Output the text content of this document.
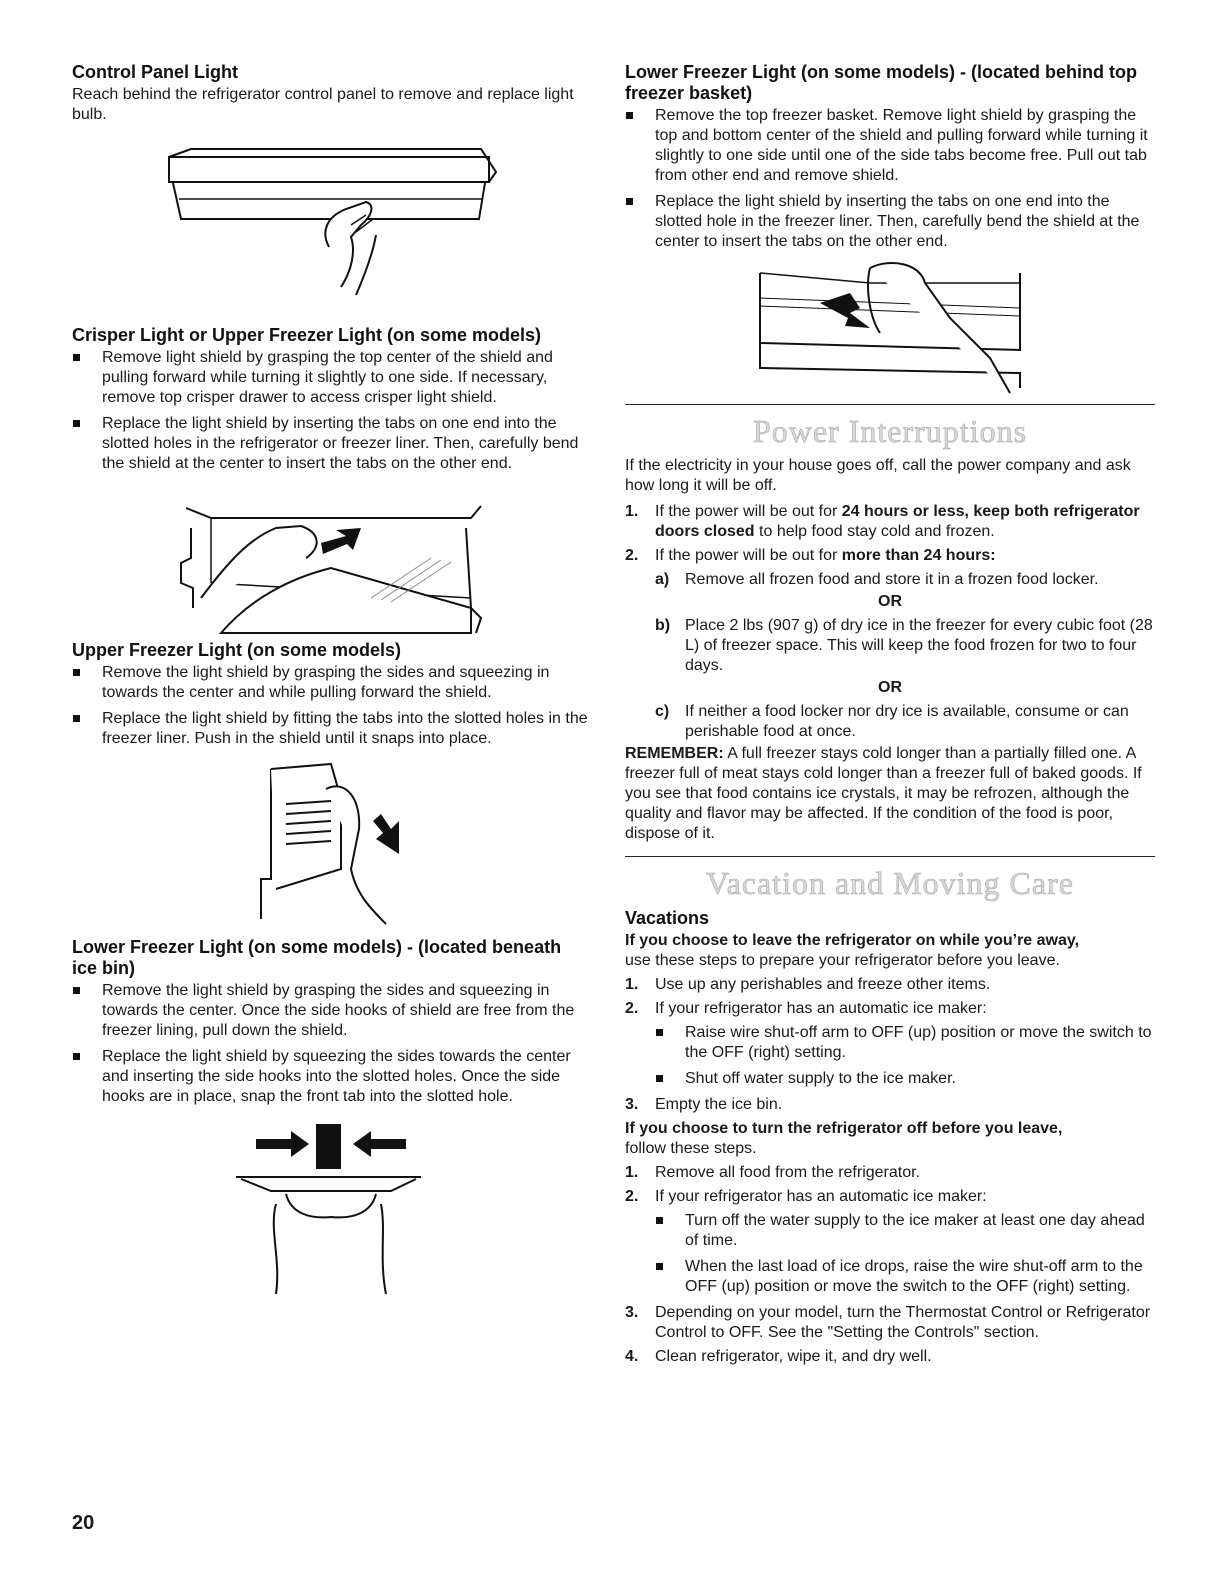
Control Panel Light

Reach behind the refrigerator control panel to remove and replace light bulb.

Crisper Light or Upper Freezer Light (on some models)
Remove light shield by grasping the top center of the shield and pulling forward while turning it slightly to one side. If necessary, remove top crisper drawer to access crisper light shield.
Replace the light shield by inserting the tabs on one end into the slotted holes in the refrigerator or freezer liner. Then, carefully bend the shield at the center to insert the tabs on the other end.
Upper Freezer Light (on some models)
Remove the light shield by grasping the sides and squeezing in towards the center and while pulling forward the shield.
Replace the light shield by fitting the tabs into the slotted holes in the freezer liner. Push in the shield until it snaps into place.
Lower Freezer Light (on some models) - (located beneath ice bin)
Remove the light shield by grasping the sides and squeezing in towards the center. Once the side hooks of shield are free from the freezer lining, pull down the shield.
Replace the light shield by squeezing the sides towards the center and inserting the side hooks into the slotted holes. Once the side hooks are in place, snap the front tab into the slotted hole.
Lower Freezer Light (on some models) - (located behind top freezer basket)
Remove the top freezer basket. Remove light shield by grasping the top and bottom center of the shield and pulling forward while turning it slightly to one side until one of the side tabs become free. Pull out tab from other end and remove shield.
Replace the light shield by inserting the tabs on one end into the slotted hole in the freezer liner. Then, carefully bend the shield at the center to insert the tabs on the other end.
Power Interruptions

If the electricity in your house goes off, call the power company and ask how long it will be off.

1. If the power will be out for 24 hours or less, keep both refrigerator doors closed to help food stay cold and frozen.
2. If the power will be out for more than 24 hours:
a) Remove all frozen food and store it in a frozen food locker.
OR
b) Place 2 lbs (907 g) of dry ice in the freezer for every cubic foot (28 L) of freezer space. This will keep the food frozen for two to four days.
OR
c) If neither a food locker nor dry ice is available, consume or can perishable food at once.

REMEMBER: A full freezer stays cold longer than a partially filled one. A freezer full of meat stays cold longer than a freezer full of baked goods. If you see that food contains ice crystals, it may be refrozen, although the quality and flavor may be affected. If the condition of the food is poor, dispose of it.

Vacation and Moving Care
Vacations

If you choose to leave the refrigerator on while you’re away,
use these steps to prepare your refrigerator before you leave.

1. Use up any perishables and freeze other items.
2. If your refrigerator has an automatic ice maker:
Raise wire shut-off arm to OFF (up) position or move the switch to the OFF (right) setting.
Shut off water supply to the ice maker.
3. Empty the ice bin.

If you choose to turn the refrigerator off before you leave,
follow these steps.

1. Remove all food from the refrigerator.
2. If your refrigerator has an automatic ice maker:
Turn off the water supply to the ice maker at least one day ahead of time.
When the last load of ice drops, raise the wire shut-off arm to the OFF (up) position or move the switch to the OFF (right) setting.
3. Depending on your model, turn the Thermostat Control or Refrigerator Control to OFF. See the "Setting the Controls" section.
4. Clean refrigerator, wipe it, and dry well.
20
